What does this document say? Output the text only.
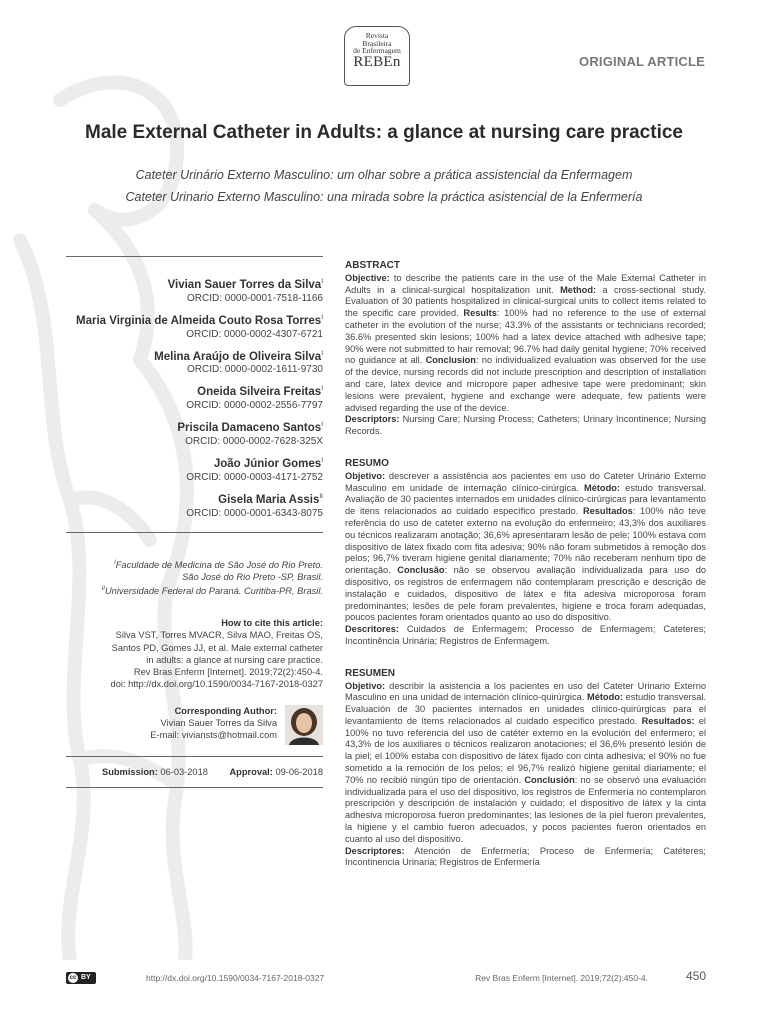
Revista
Brasileira
de Enfermagem
REBEn	ORIGINAL ARTICLE
Male External Catheter in Adults: a glance at nursing care practice
Cateter Urinário Externo Masculino: um olhar sobre a prática assistencial da Enfermagem
Cateter Urinario Externo Masculino: una mirada sobre la práctica asistencial de la Enfermería
Vivian Sauer Torres da Silva$^I$
ORCID: 0000-0001-7518-1166
Maria Virginia de Almeida Couto Rosa Torres$^I$
ORCID: 0000-0002-4307-6721
Melina Araújo de Oliveira Silva$^I$
ORCID: 0000-0002-1611-9730
Oneida Silveira Freitas$^I$
ORCID: 0000-0002-2556-7797
Priscila Damaceno Santos$^I$
ORCID: 0000-0002-7628-325X
João Júnior Gomes$^I$
ORCID: 0000-0003-4171-2752
Gisela Maria Assis$^{II}$
ORCID: 0000-0001-6343-8075
$^I$Faculdade de Medicina de São José do Rio Preto.
São José do Rio Preto -SP, Brasil.
$^{II}$Universidade Federal do Paraná. Curitiba-PR, Brasil.
How to cite this article:
Silva VST, Torres MVACR, Silva MAO, Freitas OS,
Santos PD, Gomes JJ, et al. Male external catheter
in adults: a glance at nursing care practice.
Rev Bras Enferm [Internet]. 2019;72(2):450-4.
doi: http://dx.doi.org/10.1590/0034-7167-2018-0327
Corresponding Author:
Vivian Sauer Torres da Silva
E-mail: viviansts@hotmail.com
Submission: 06-03-2018 Approval: 09-06-2018
ABSTRACT

Objective: to describe the patients care in the use of the Male External Catheter in Adults in a clinical-surgical hospitalization unit. Method: a cross-sectional study. Evaluation of 30 patients hospitalized in clinical-surgical units to collect items related to the specific care provided. Results: 100% had no reference to the use of external catheter in the evolution of the nurse; 43.3% of the assistants or technicians recorded; 36.6% presented skin lesions; 100% had a latex device attached with adhesive tape; 90% were not submitted to hair removal; 96.7% had daily genital hygiene; 70% received no guidance at all. Conclusion: no individualized evaluation was observed for the use of the device, nursing records did not include prescription and description of installation and care, latex device and micropore paper adhesive tape were predominant; skin lesions were prevalent, hygiene and exchange were adequate, few patients were advised regarding the use of the device.

Descriptors: Nursing Care; Nursing Process; Catheters; Urinary Incontinence; Nursing Records.

RESUMO

Objetivo: descrever a assistência aos pacientes em uso do Cateter Urinário Externo Masculino em unidade de internação clínico-cirúrgica. Método: estudo transversal. Avaliação de 30 pacientes internados em unidades clínico-cirúrgicas para levantamento de itens relacionados ao cuidado específico prestado. Resultados: 100% não teve referência do uso de cateter externo na evolução do enfermeiro; 43,3% dos auxiliares ou técnicos realizaram anotação; 36,6% apresentaram lesão de pele; 100% estava com dispositivo de látex fixado com fita adesiva; 90% não foram submetidos à remoção dos pelos; 96,7% tiveram higiene genital diariamente; 70% não receberam nenhum tipo de orientação. Conclusão: não se observou avaliação individualizada para uso do dispositivo, os registros de enfermagem não contemplaram prescrição e descrição de instalação e cuidados, dispositivo de látex e fita adesiva microporosa foram predominantes; lesões de pele foram prevalentes, higiene e troca foram adequadas, poucos pacientes foram orientados quanto ao uso do dispositivo.

Descritores: Cuidados de Enfermagem; Processo de Enfermagem; Cateteres; Incontinência Urinária; Registros de Enfermagem.

RESUMEN

Objetivo: describir la asistencia a los pacientes en uso del Cateter Urinario Externo Masculino en una unidad de internación clínico-quirúrgica. Método: estudio transversal. Evaluación de 30 pacientes internados en unidades clínico-quirúrgicas para el levantamiento de ítems relacionados al cuidado específico prestado. Resultados: el 100% no tuvo referencia del uso de catéter externo en la evolución del enfermero; el 43,3% de los auxiliares o técnicos realizaron anotaciones; el 36,6% presentó lesión de la piel; el 100% estaba con dispositivo de látex fijado con cinta adhesiva; el 90% no fue sometido a la remoción de los pelos; el 96,7% realizó higiene genital diariamente; el 70% no recibió ningún tipo de orientación. Conclusión: no se observó una evaluación individualizada para el uso del dispositivo, los registros de Enfermería no contemplaron prescripción y descripción de instalación y cuidado; el dispositivo de látex y la cinta adhesiva microporosa fueron predominantes; las lesiones de la piel fueron prevalentes, la higiene y el cambio fueron adecuados, y pocos pacientes fueron orientados en cuanto al uso del dispositivo.

Descriptores: Atención de Enfermería; Proceso de Enfermería; Catéteres; Incontinencia Urinaria; Registros de Enfermería

cc BY	http://dx.doi.org/10.1590/0034-7167-2018-0327	Rev Bras Enferm [Internet]. 2019;72(2):450-4.	450
